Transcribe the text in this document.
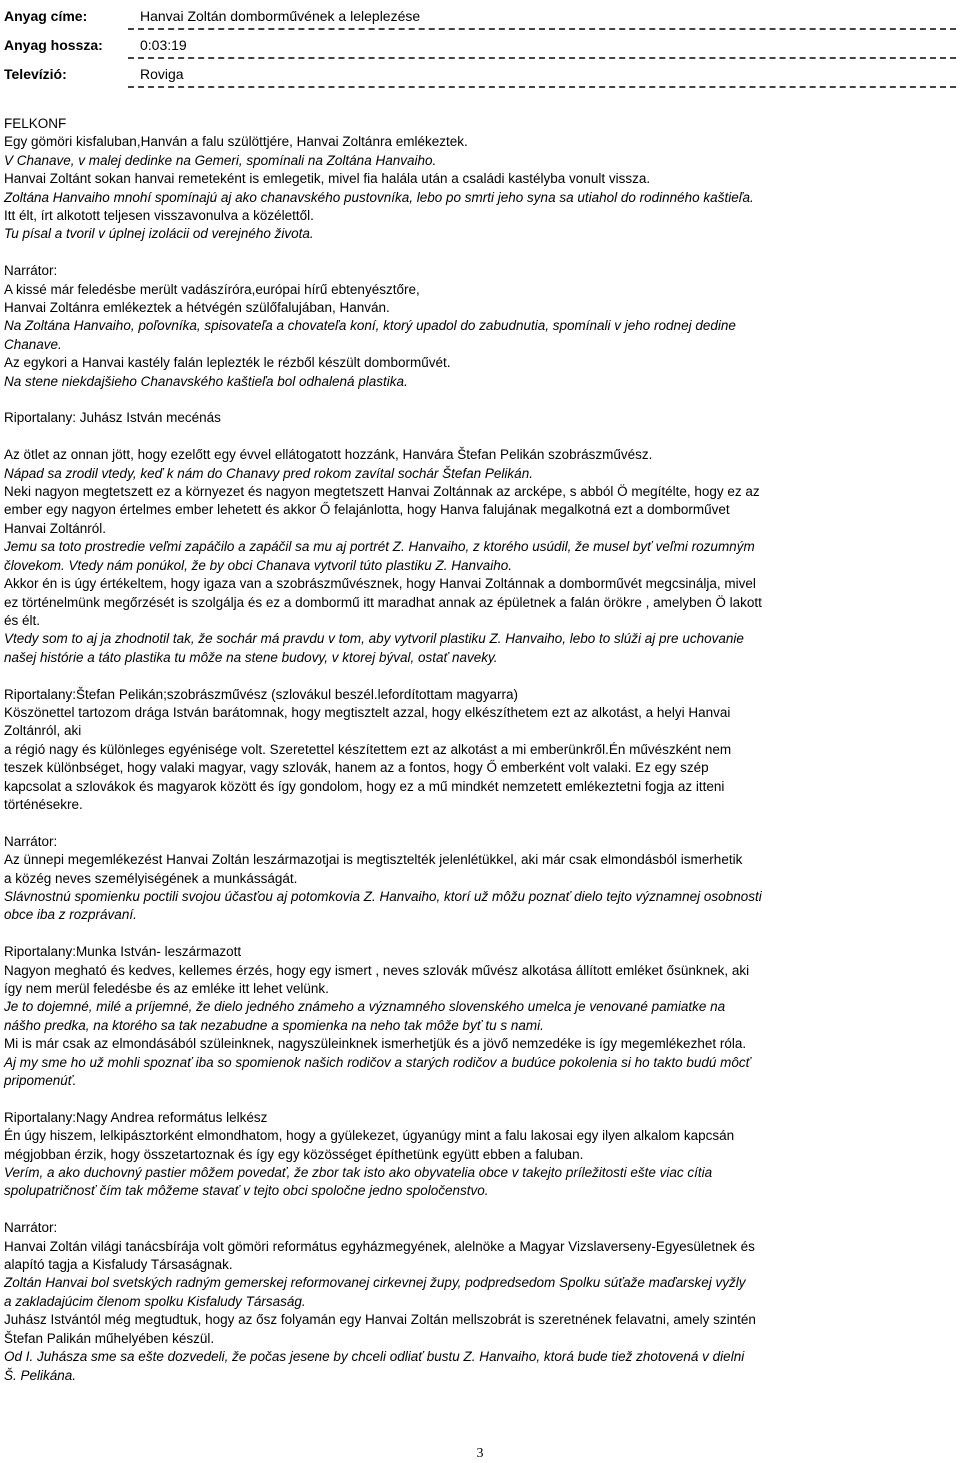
Anyag címe:	Hanvai Zoltán domborművének a leleplezése
Anyag hossza:	0:03:19
Televízió:	Roviga

FELKONF

Egy gömöri kisfaluban,Hanván a falu szülöttjére, Hanvai Zoltánra emlékeztek.

V Chanave, v malej dedinke na Gemeri, spomínali na Zoltána Hanvaiho.

Hanvai Zoltánt sokan hanvai remeteként is emlegetik, mivel fia halála után a családi kastélyba vonult vissza.

Zoltána Hanvaiho mnohí spomínajú aj ako chanavského pustovníka, lebo po smrti jeho syna sa utiahol do rodinného kaštieľa.

Itt élt, írt alkotott teljesen visszavonulva a közélettől.

Tu písal a tvoril v úplnej izolácii od verejného života.

Narrátor:

A kissé már feledésbe merült vadászíróra,európai hírű ebtenyésztőre,

Hanvai Zoltánra emlékeztek a hétvégén szülőfalujában, Hanván.

Na Zoltána Hanvaiho, poľovníka, spisovateľa a chovateľa koní, ktorý upadol do zabudnutia, spomínali v jeho rodnej dedine

Chanave.

Az egykori a Hanvai kastély falán leplezték le rézből készült domborművét.

Na stene niekdajšieho Chanavského kaštieľa bol odhalená plastika.

Riportalany: Juhász István mecénás

Az ötlet az onnan jött, hogy ezelőtt egy évvel ellátogatott hozzánk, Hanvára Štefan Pelikán szobrászművész.

Nápad sa zrodil vtedy, keď k nám do Chanavy pred rokom zavítal sochár Štefan Pelikán.

Neki nagyon megtetszett ez a környezet és nagyon megtetszett Hanvai Zoltánnak az arcképe, s abból Ö megítélte, hogy ez az

ember egy nagyon értelmes ember lehetett és akkor Ő felajánlotta, hogy Hanva falujának megalkotná ezt a domborművet

Hanvai Zoltánról.

Jemu sa toto prostredie veľmi zapáčilo a zapáčil sa mu aj portrét Z. Hanvaiho, z ktorého usúdil, že musel byť veľmi rozumným

človekom. Vtedy nám ponúkol, že by obci Chanava vytvoril túto plastiku Z. Hanvaiho.

Akkor én is úgy értékeltem, hogy igaza van a szobrászművésznek, hogy Hanvai Zoltánnak a domborművét megcsinálja, mivel

ez történelmünk megőrzését is szolgálja és ez a dombormű itt maradhat annak az épületnek a falán örökre , amelyben Ö lakott

és élt.

Vtedy som to aj ja zhodnotil tak, že sochár má pravdu v tom, aby vytvoril plastiku Z. Hanvaiho, lebo to slúži aj pre uchovanie

našej histórie a táto plastika tu môže na stene budovy, v ktorej býval, ostať naveky.

Riportalany:Štefan Pelikán;szobrászművész (szlovákul beszél.lefordítottam magyarra)

Köszönettel tartozom drága István barátomnak, hogy megtisztelt azzal, hogy elkészíthetem ezt az alkotást, a helyi Hanvai

Zoltánról, aki

a régió nagy és különleges egyénisége volt. Szeretettel készítettem ezt az alkotást a mi emberünkről.Én művészként nem

teszek különbséget, hogy valaki magyar, vagy szlovák, hanem az a fontos, hogy Ő emberként volt valaki. Ez egy szép

kapcsolat a szlovákok és magyarok között és így gondolom, hogy ez a mű mindkét nemzetett emlékeztetni fogja az itteni

történésekre.

Narrátor:

Az ünnepi megemlékezést Hanvai Zoltán leszármazotjai is megtisztelték jelenlétükkel, aki már csak elmondásból ismerhetik

a közég neves személyiségének a munkásságát.

Slávnostnú spomienku poctili svojou účasťou aj potomkovia Z. Hanvaiho, ktorí už môžu poznať dielo tejto významnej osobnosti

obce iba z rozprávaní.

Riportalany:Munka István- leszármazott

Nagyon megható és kedves, kellemes érzés, hogy egy ismert , neves szlovák művész alkotása állított emléket ősünknek, aki

így nem merül feledésbe és az emléke itt lehet velünk.

Je to dojemné, milé a príjemné, že dielo jedného známeho a významného slovenského umelca je venované pamiatke na

nášho predka, na ktorého sa tak nezabudne a spomienka na neho tak môže byť tu s nami.

Mi is már csak az elmondásából szüleinknek, nagyszüleinknek ismerhetjük és a jövő nemzedéke is így megemlékezhet róla.

Aj my sme ho už mohli spoznať iba so spomienok našich rodičov a starých rodičov a budúce pokolenia si ho takto budú môcť

pripomenúť.

Riportalany:Nagy Andrea református lelkész

Én úgy hiszem, lelkipásztorként elmondhatom, hogy a gyülekezet, úgyanúgy mint a falu lakosai egy ilyen alkalom kapcsán

mégjobban érzik, hogy összetartoznak és így egy közösséget építhetünk együtt ebben a faluban.

Verím, a ako duchovný pastier môžem povedať, že zbor tak isto ako obyvatelia obce v takejto príležitosti ešte viac cítia

spolupatričnosť čím tak môžeme stavať v tejto obci spoločne jedno spoločenstvo.

Narrátor:

Hanvai Zoltán világi tanácsbírája volt gömöri református egyházmegyének, alelnöke a Magyar Vizslaverseny-Egyesületnek és

alapító tagja a Kisfaludy Társaságnak.

Zoltán Hanvai bol svetských radným gemerskej reformovanej cirkevnej župy, podpredsedom Spolku súťaže maďarskej vyžly

a zakladajúcim členom spolku Kisfaludy Társaság.

Juhász Istvántól még megtudtuk, hogy az ősz folyamán egy Hanvai Zoltán mellszobrát is szeretnének felavatni, amely szintén

Štefan Palikán műhelyében készül.

Od I. Juhásza sme sa ešte dozvedeli, že počas jesene by chceli odliať bustu Z. Hanvaiho, ktorá bude tiež zhotovená v dielni

Š. Pelikána.

3
